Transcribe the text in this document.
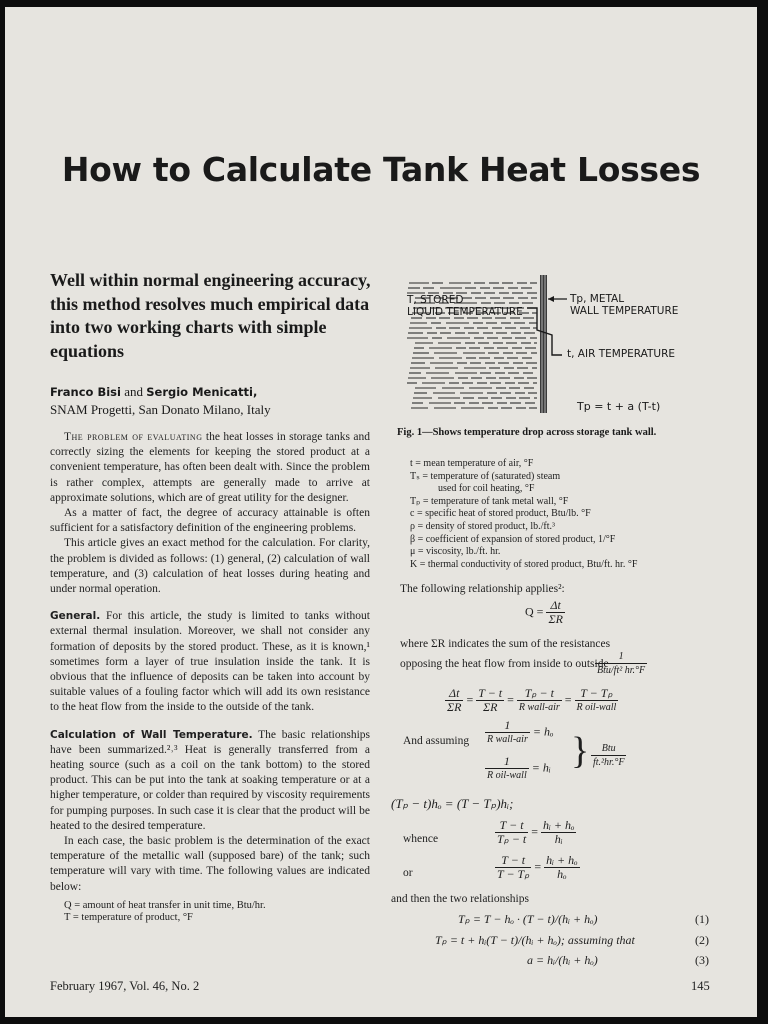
How to Calculate Tank Heat Losses
Well within normal engineering accuracy, this method resolves much empirical data into two working charts with simple equations
Franco Bisi and Sergio Menicatti,
SNAM Progetti, San Donato Milano, Italy

The problem of evaluating the heat losses in storage tanks and correctly sizing the elements for keeping the stored product at a convenient temperature, has often been dealt with. Since the problem is rather complex, attempts are generally made to arrive at approximate solutions, which are of great utility for the designer.

As a matter of fact, the degree of accuracy attainable is often sufficient for a satisfactory definition of the engineering problems.

This article gives an exact method for the calculation. For clarity, the problem is divided as follows: (1) general, (2) calculation of wall temperature, and (3) calculation of heat losses during heating and under normal operation.

General. For this article, the study is limited to tanks without external thermal insulation. Moreover, we shall not consider any formation of deposits by the stored product. These, as it is known,¹ sometimes form a layer of true insulation inside the tank. It is obvious that the influence of deposits can be taken into account by suitable values of a fouling factor which will add its own resistance to the heat flow from the inside to the outside of the tank.

Calculation of Wall Temperature. The basic relationships have been summarized.²˒³ Heat is generally transferred from a heating source (such as a coil on the tank bottom) to the stored product. This can be put into the tank at soaking temperature or at a higher temperature, or colder than required by viscosity requirements for pumping purposes. In such case it is clear that the product will be heated to the desired temperature.

In each case, the basic problem is the determination of the exact temperature of the metallic wall (supposed bare) of the tank; such temperature will vary with time. The following values are indicated below:

Q = amount of heat transfer in unit time, Btu/hr.
T = temperature of product, °F
T, STORED
LIQUID TEMPERATURE
Tp, METAL
WALL TEMPERATURE
t, AIR TEMPERATURE
Tp = t + a (T-t)
Fig. 1—Shows temperature drop across storage tank wall.
t = mean temperature of air, °F
Tₛ = temperature of (saturated) steam
used for coil heating, °F
Tₚ = temperature of tank metal wall, °F
c = specific heat of stored product, Btu/lb. °F
ρ = density of stored product, lb./ft.³
β = coefficient of expansion of stored product, 1/°F
μ = viscosity, lb./ft. hr.
K = thermal conductivity of stored product, Btu/ft. hr. °F
The following relationship applies²:
$Q = \frac{\Delta t}{\Sigma R}$
where ΣR indicates the sum of the resistances opposing the heat flow from inside to outside
$\frac{1}{\text{Btu/ft² hr.°F}}$
$\frac{\Delta t}{\Sigma R} = \frac{T - t}{\Sigma R} = \frac{\text{Tₚ − t}}{\text{R wall-air}} = \frac{\text{T − Tₚ}}{\text{R oil-wall}}$
And assuming $\frac{1}{\text{R wall-air}} = h_o$
$\frac{1}{\text{R oil-wall}}$ = hᵢ } $\frac{\text{Btu}}{\text{ft.²hr.°F}}$
(Tₚ − t)hₒ = (T − Tₚ)hᵢ;
whence	$\frac{T - t}{\text{Tₚ − t}} = \frac{\text{hᵢ + hₒ}}{\text{hᵢ}}$
or	$\frac{T - t}{\text{T − Tₚ}} = \frac{\text{hᵢ + hₒ}}{\text{hₒ}}$
and then the two relationships
Tₚ = T − hₒ · (T − t)/(hᵢ + hₒ)	(1)
Tₚ = t + hᵢ(T − t)/(hᵢ + hₒ); assuming that	(2)
a = hᵢ/(hᵢ + hₒ)	(3)
February 1967, Vol. 46, No. 2	145
